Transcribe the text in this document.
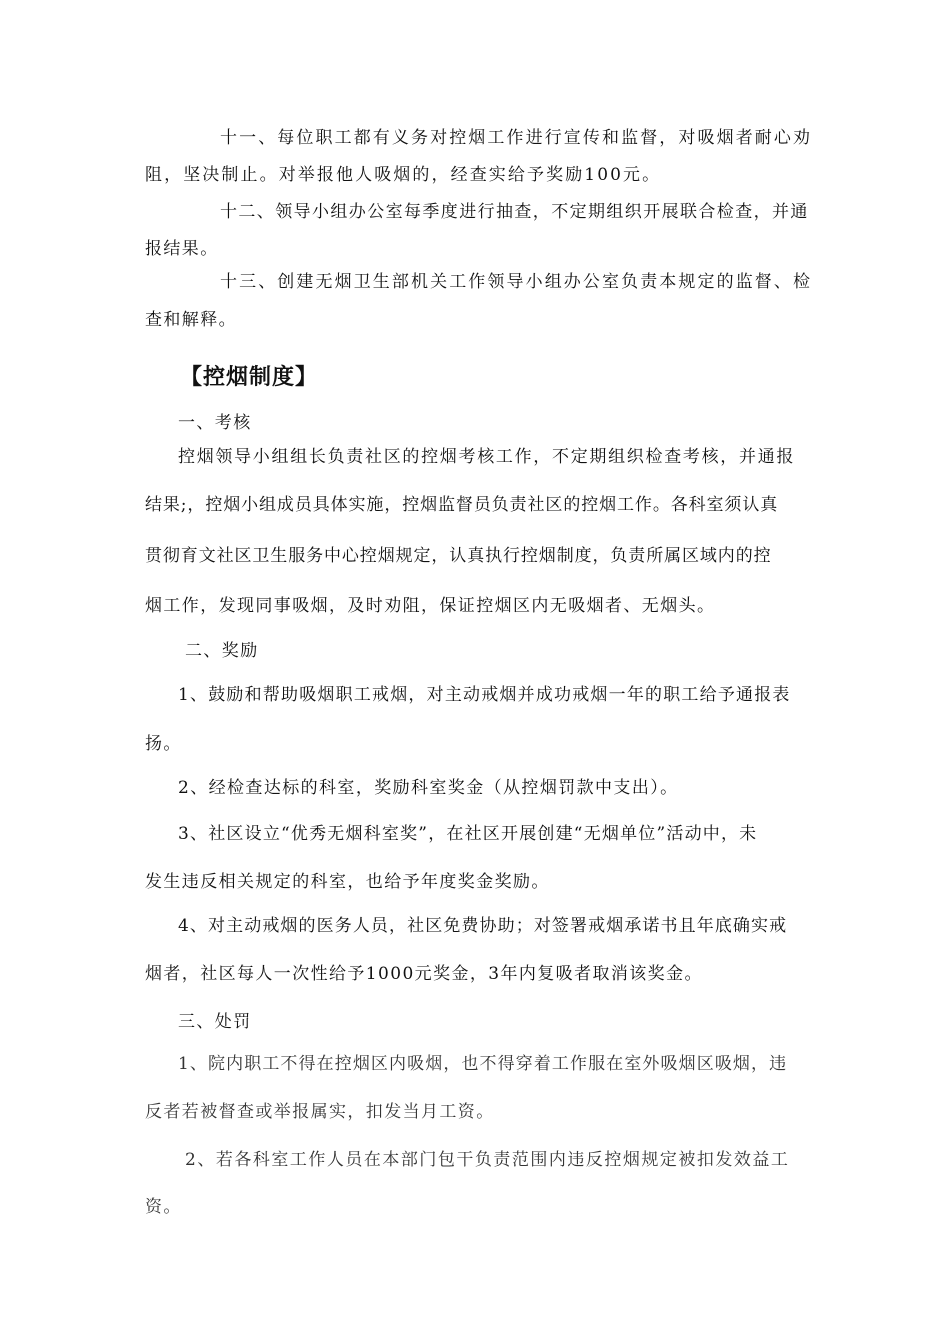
十一、每位职工都有义务对控烟工作进行宣传和监督，对吸烟者耐心劝
阻，坚决制止。对举报他人吸烟的，经查实给予奖励100元。
十二、领导小组办公室每季度进行抽查，不定期组织开展联合检查，并通
报结果。
十三、创建无烟卫生部机关工作领导小组办公室负责本规定的监督、检
查和解释。
【控烟制度】
一、考核
控烟领导小组组长负责社区的控烟考核工作，不定期组织检查考核，并通报
结果;，控烟小组成员具体实施，控烟监督员负责社区的控烟工作。各科室须认真
贯彻育文社区卫生服务中心控烟规定，认真执行控烟制度，负责所属区域内的控
烟工作，发现同事吸烟，及时劝阻，保证控烟区内无吸烟者、无烟头。
二、奖励
1、鼓励和帮助吸烟职工戒烟，对主动戒烟并成功戒烟一年的职工给予通报表
扬。
2、经检查达标的科室，奖励科室奖金（从控烟罚款中支出）。
3、社区设立“优秀无烟科室奖”，在社区开展创建“无烟单位”活动中，未
发生违反相关规定的科室，也给予年度奖金奖励。
4、对主动戒烟的医务人员，社区免费协助；对签署戒烟承诺书且年底确实戒
烟者，社区每人一次性给予1000元奖金，3年内复吸者取消该奖金。
三、处罚
1、院内职工不得在控烟区内吸烟，也不得穿着工作服在室外吸烟区吸烟，违
反者若被督查或举报属实，扣发当月工资。
2、若各科室工作人员在本部门包干负责范围内违反控烟规定被扣发效益工
资。
